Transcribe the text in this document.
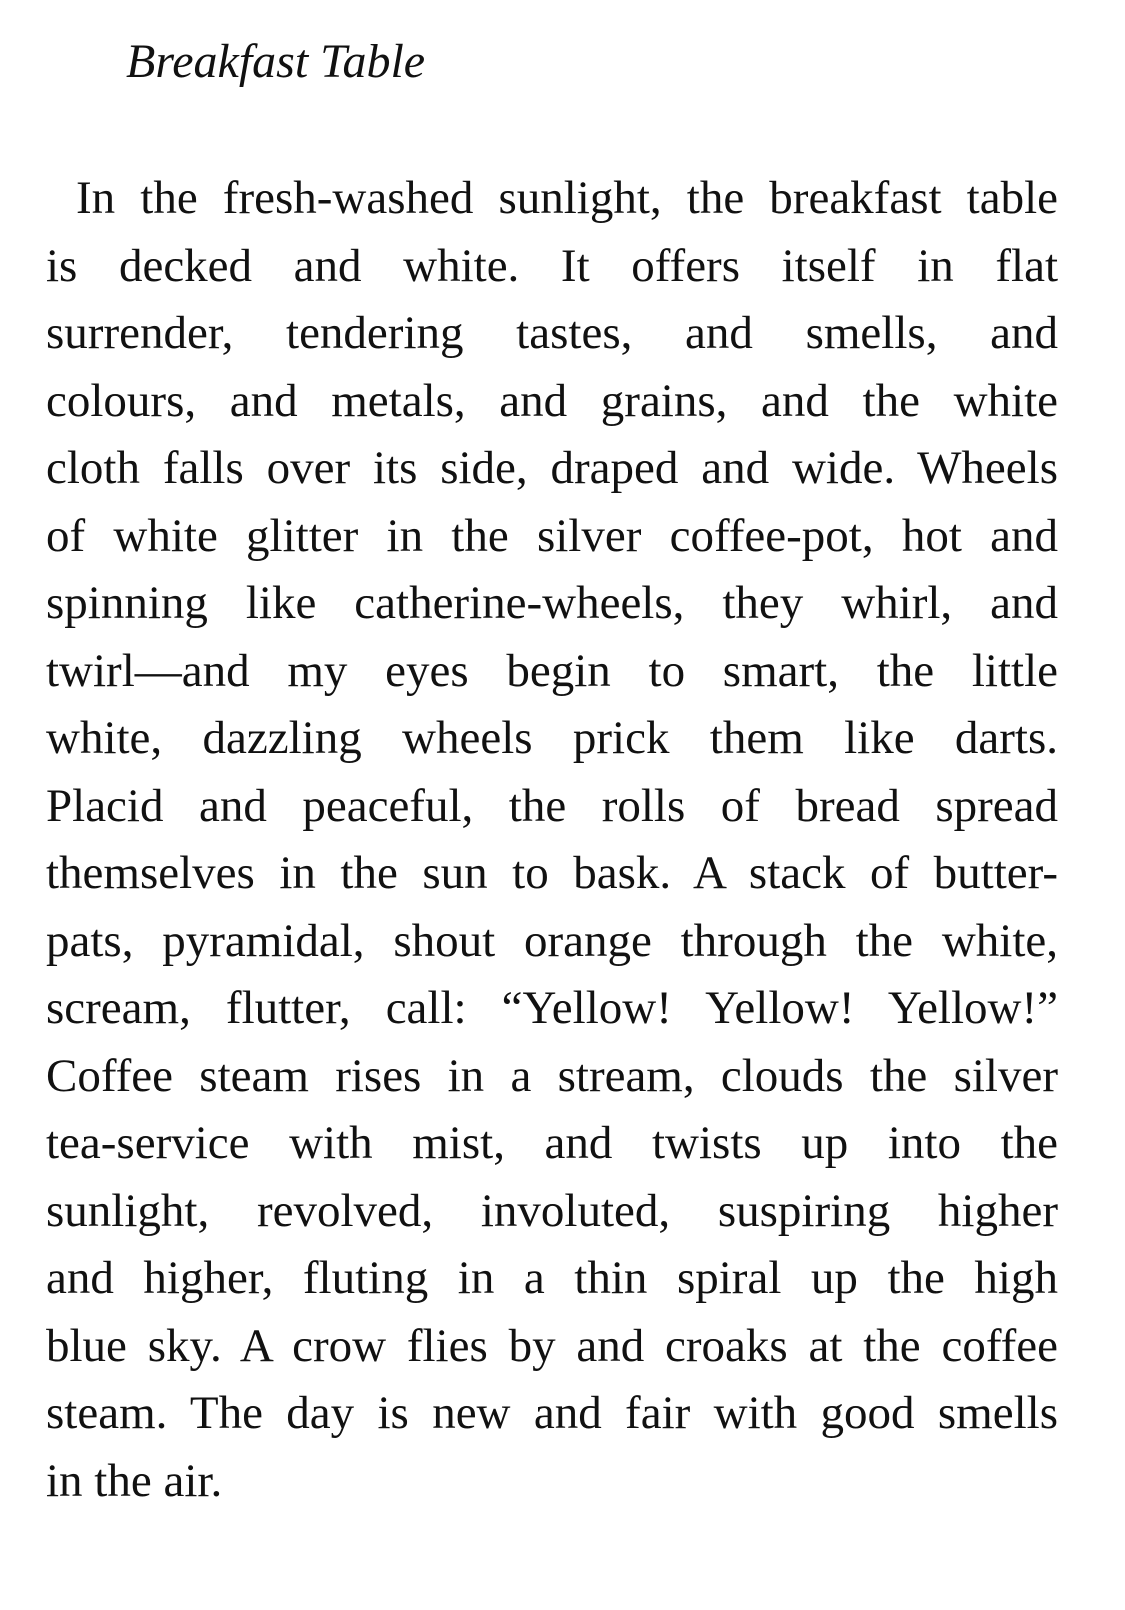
Breakfast Table
In the fresh-washed sunlight, the breakfast table
is decked and white. It offers itself in flat
surrender, tendering tastes, and smells, and
colours, and metals, and grains, and the white
cloth falls over its side, draped and wide. Wheels
of white glitter in the silver coffee-pot, hot and
spinning like catherine-wheels, they whirl, and
twirl—and my eyes begin to smart, the little
white, dazzling wheels prick them like darts.
Placid and peaceful, the rolls of bread spread
themselves in the sun to bask. A stack of butter-
pats, pyramidal, shout orange through the white,
scream, flutter, call: “Yellow! Yellow! Yellow!”
Coffee steam rises in a stream, clouds the silver
tea-service with mist, and twists up into the
sunlight, revolved, involuted, suspiring higher
and higher, fluting in a thin spiral up the high
blue sky. A crow flies by and croaks at the coffee
steam. The day is new and fair with good smells
in the air.
